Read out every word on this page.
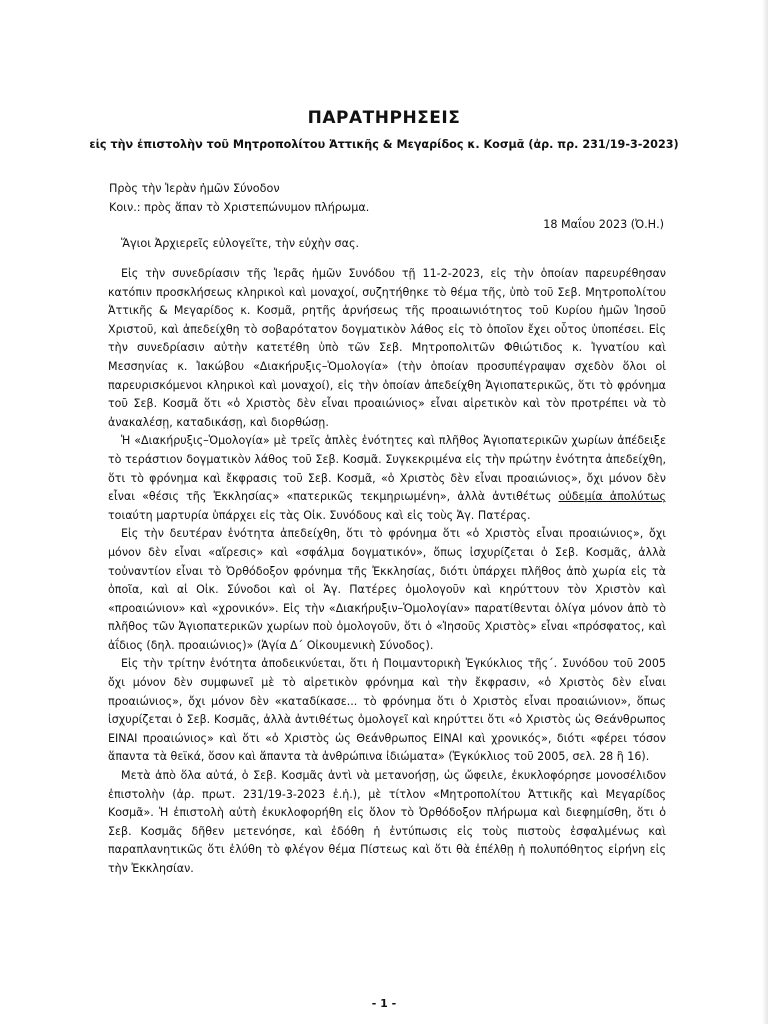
ΠΑΡΑΤΗΡΗΣΕΙΣ
εἰς τὴν ἐπιστολὴν τοῦ Μητροπολίτου Ἀττικῆς & Μεγαρίδος κ. Κοσμᾶ (ἀρ. πρ. 231/19-3-2023)
Πρὸς τὴν Ἱερὰν ἡμῶν Σύνοδον
Κοιν.: πρὸς ἅπαν τὸ Χριστεπώνυμον πλήρωμα.
18 Μαΐου 2023 (Ὀ.Η.)
Ἅγιοι Ἀρχιερεῖς εὐλογεῖτε, τὴν εὐχὴν σας.

Εἰς τὴν συνεδρίασιν τῆς Ἱερᾶς ἡμῶν Συνόδου τῇ 11-2-2023, εἰς τὴν ὁποίαν παρευρέθησαν κατόπιν προσκλήσεως κληρικοὶ καὶ μοναχοί, συζητήθηκε τὸ θέμα τῆς, ὑπὸ τοῦ Σεβ. Μητροπολίτου Ἀττικῆς & Μεγαρίδος κ. Κοσμᾶ, ρητῆς ἀρνήσεως τῆς προαιωνιότητος τοῦ Κυρίου ἡμῶν Ἰησοῦ Χριστοῦ, καὶ ἀπεδείχθη τὸ σοβαρότατον δογματικὸν λάθος εἰς τὸ ὁποῖον ἔχει οὗτος ὑποπέσει. Εἰς τὴν συνεδρίασιν αὐτὴν κατετέθη ὑπὸ τῶν Σεβ. Μητροπολιτῶν Φθιώτιδος κ. Ἰγνατίου καὶ Μεσσηνίας κ. Ἰακώβου «Διακήρυξις–Ὁμολογία» (τὴν ὁποίαν προσυπέγραψαν σχεδὸν ὅλοι οἱ παρευρισκόμενοι κληρικοὶ καὶ μοναχοί), εἰς τὴν ὁποίαν ἀπεδείχθη Ἁγιοπατερικῶς, ὅτι τὸ φρόνημα τοῦ Σεβ. Κοσμᾶ ὅτι «ὁ Χριστὸς δὲν εἶναι προαιώνιος» εἶναι αἱρετικὸν καὶ τὸν προτρέπει νὰ τὸ ἀνακαλέσῃ, καταδικάσῃ, καὶ διορθώσῃ.

Ἡ «Διακήρυξις–Ὁμολογία» μὲ τρεῖς ἁπλὲς ἑνότητες καὶ πλῆθος Ἁγιοπατερικῶν χωρίων ἀπέδειξε τὸ τεράστιον δογματικὸν λάθος τοῦ Σεβ. Κοσμᾶ. Συγκεκριμένα εἰς τὴν πρώτην ἑνότητα ἀπεδείχθη, ὅτι τὸ φρόνημα καὶ ἔκφρασις τοῦ Σεβ. Κοσμᾶ, «ὁ Χριστὸς δὲν εἶναι προαιώνιος», ὄχι μόνον δὲν εἶναι «θέσις τῆς Ἐκκλησίας» «πατερικῶς τεκμηριωμένη», ἀλλὰ ἀντιθέτως οὐδεμία ἀπολύτως τοιαύτη μαρτυρία ὑπάρχει εἰς τὰς Οἰκ. Συνόδους καὶ εἰς τοὺς Ἁγ. Πατέρας.

Εἰς τὴν δευτέραν ἑνότητα ἀπεδείχθη, ὅτι τὸ φρόνημα ὅτι «ὁ Χριστὸς εἶναι προαιώνιος», ὄχι μόνον δὲν εἶναι «αἵρεσις» καὶ «σφάλμα δογματικόν», ὅπως ἰσχυρίζεται ὁ Σεβ. Κοσμᾶς, ἀλλὰ τοὐναντίον εἶναι τὸ Ὀρθόδοξον φρόνημα τῆς Ἐκκλησίας, διότι ὑπάρχει πλῆθος ἀπὸ χωρία εἰς τὰ ὁποῖα, καὶ αἱ Οἰκ. Σύνοδοι καὶ οἱ Ἁγ. Πατέρες ὁμολογοῦν καὶ κηρύττουν τὸν Χριστὸν καὶ «προαιώνιον» καὶ «χρονικόν». Εἰς τὴν «Διακήρυξιν–Ὁμολογίαν» παρατίθενται ὀλίγα μόνον ἀπὸ τὸ πλῆθος τῶν Ἁγιοπατερικῶν χωρίων ποὺ ὁμολογοῦν, ὅτι ὁ «Ἰησοῦς Χριστὸς» εἶναι «πρόσφατος, καὶ ἀΐδιος (δηλ. προαιώνιος)» (Ἁγία Δ΄ Οἰκουμενικὴ Σύνοδος).

Εἰς τὴν τρίτην ἑνότητα ἀποδεικνύεται, ὅτι ἡ Ποιμαντορικὴ Ἐγκύκλιος τῆς΄. Συνόδου τοῦ 2005 ὄχι μόνον δὲν συμφωνεῖ μὲ τὸ αἱρετικὸν φρόνημα καὶ τὴν ἔκφρασιν, «ὁ Χριστὸς δὲν εἶναι προαιώνιος», ὄχι μόνον δὲν «καταδίκασε... τὸ φρόνημα ὅτι ὁ Χριστὸς εἶναι προαιώνιον», ὅπως ἰσχυρίζεται ὁ Σεβ. Κοσμᾶς, ἀλλὰ ἀντιθέτως ὁμολογεῖ καὶ κηρύττει ὅτι «ὁ Χριστὸς ὡς Θεάνθρωπος ΕΙΝΑΙ προαιώνιος» καὶ ὅτι «ὁ Χριστὸς ὡς Θεάνθρωπος ΕΙΝΑΙ καὶ χρονικός», διότι «φέρει τόσον ἅπαντα τὰ θεϊκά, ὅσον καὶ ἅπαντα τὰ ἀνθρώπινα ἰδιώματα» (Ἐγκύκλιος τοῦ 2005, σελ. 28 ἢ 16).

Μετὰ ἀπὸ ὅλα αὐτά, ὁ Σεβ. Κοσμᾶς ἀντὶ νὰ μετανοήσῃ, ὡς ὤφειλε, ἐκυκλοφόρησε μονοσέλιδον ἐπιστολὴν (ἀρ. πρωτ. 231/19-3-2023 ἐ.ἡ.), μὲ τίτλον «Μητροπολίτου Ἀττικῆς καὶ Μεγαρίδος Κοσμᾶ». Ἡ ἐπιστολὴ αὐτὴ ἐκυκλοφορήθη εἰς ὅλον τὸ Ὀρθόδοξον πλήρωμα καὶ διεφημίσθη, ὅτι ὁ Σεβ. Κοσμᾶς δῆθεν μετενόησε, καὶ ἐδόθη ἡ ἐντύπωσις εἰς τοὺς πιστοὺς ἐσφαλμένως καὶ παραπλανητικῶς ὅτι ἐλύθη τὸ φλέγον θέμα Πίστεως καὶ ὅτι θὰ ἐπέλθῃ ἡ πολυπόθητος εἰρήνη εἰς τὴν Ἐκκλησίαν.

- 1 -
